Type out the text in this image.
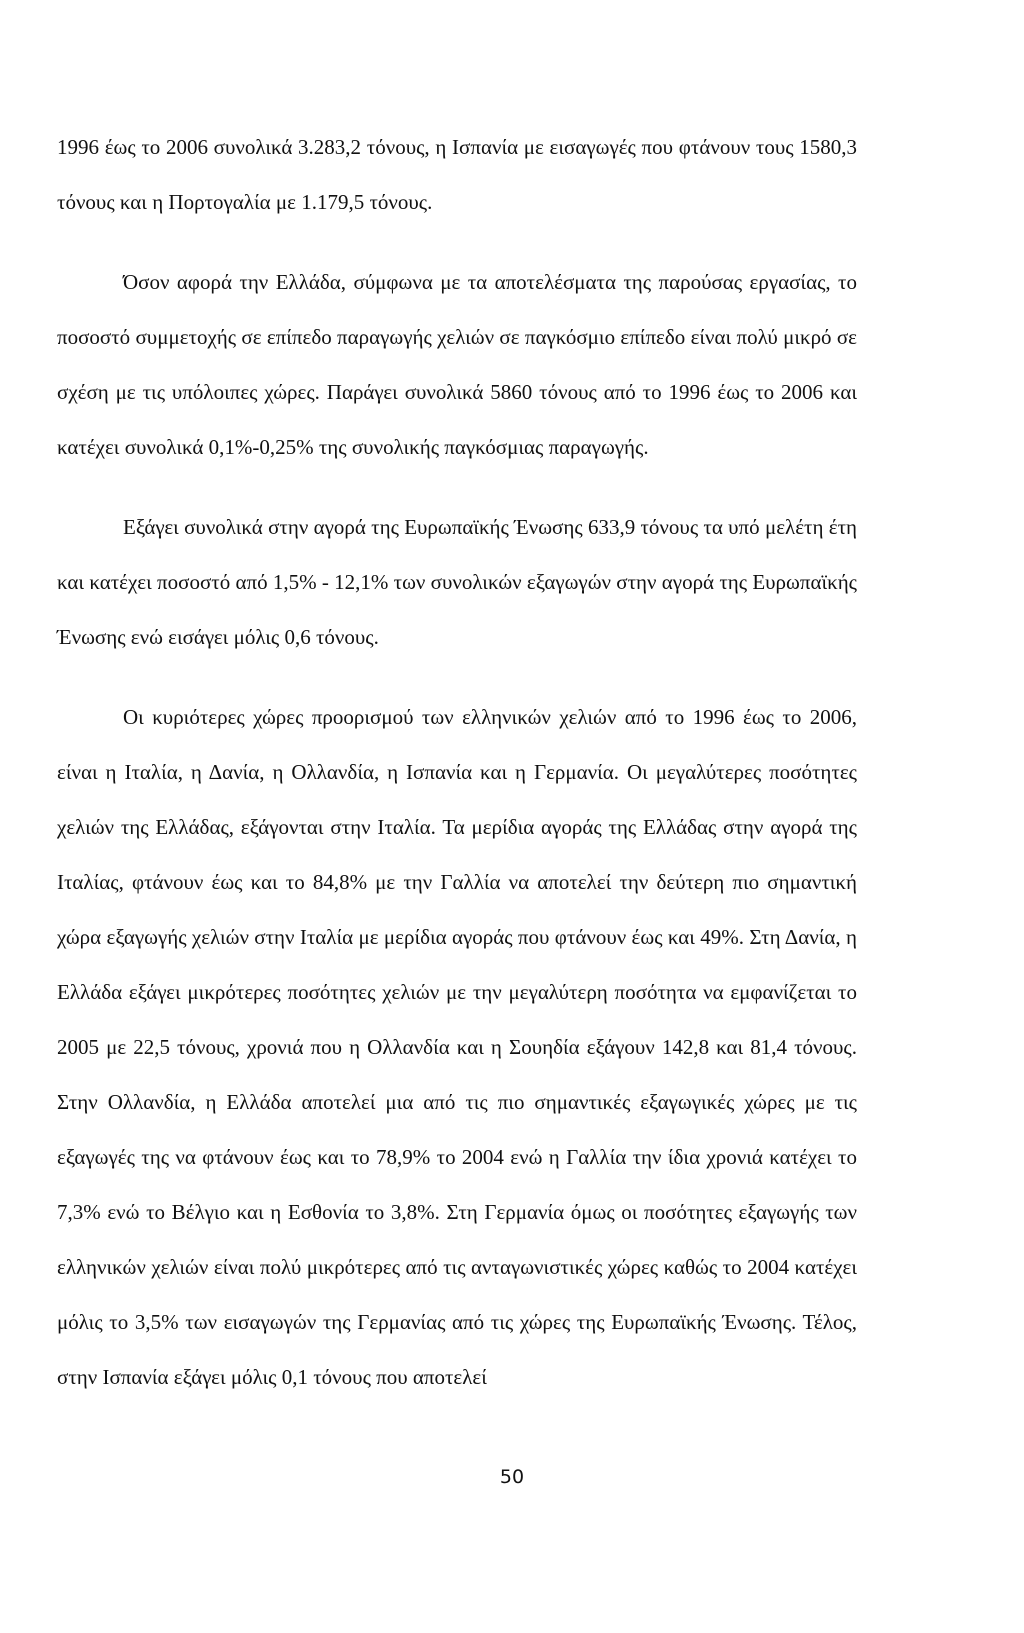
1996 έως το 2006 συνολικά 3.283,2 τόνους, η Ισπανία με εισαγωγές που φτάνουν τους 1580,3 τόνους και η Πορτογαλία με 1.179,5 τόνους.

Όσον αφορά την Ελλάδα, σύμφωνα με τα αποτελέσματα της παρούσας εργασίας, το ποσοστό συμμετοχής σε επίπεδο παραγωγής χελιών σε παγκόσμιο επίπεδο είναι πολύ μικρό σε σχέση με τις υπόλοιπες χώρες. Παράγει συνολικά 5860 τόνους από το 1996 έως το 2006 και κατέχει συνολικά 0,1%-0,25% της συνολικής παγκόσμιας παραγωγής.

Εξάγει συνολικά στην αγορά της Ευρωπαϊκής Ένωσης 633,9 τόνους τα υπό μελέτη έτη και κατέχει ποσοστό από 1,5% - 12,1% των συνολικών εξαγωγών στην αγορά της Ευρωπαϊκής Ένωσης ενώ εισάγει μόλις 0,6 τόνους.

Οι κυριότερες χώρες προορισμού των ελληνικών χελιών από το 1996 έως το 2006, είναι η Ιταλία, η Δανία, η Ολλανδία, η Ισπανία και η Γερμανία. Οι μεγαλύτερες ποσότητες χελιών της Ελλάδας, εξάγονται στην Ιταλία. Τα μερίδια αγοράς της Ελλάδας στην αγορά της Ιταλίας, φτάνουν έως και το 84,8% με την Γαλλία να αποτελεί την δεύτερη πιο σημαντική χώρα εξαγωγής χελιών στην Ιταλία με μερίδια αγοράς που φτάνουν έως και 49%. Στη Δανία, η Ελλάδα εξάγει μικρότερες ποσότητες χελιών με την μεγαλύτερη ποσότητα να εμφανίζεται το 2005 με 22,5 τόνους, χρονιά που η Ολλανδία και η Σουηδία εξάγουν 142,8 και 81,4 τόνους. Στην Ολλανδία, η Ελλάδα αποτελεί μια από τις πιο σημαντικές εξαγωγικές χώρες με τις εξαγωγές της να φτάνουν έως και το 78,9% το 2004 ενώ η Γαλλία την ίδια χρονιά κατέχει το 7,3% ενώ το Βέλγιο και η Εσθονία το 3,8%. Στη Γερμανία όμως οι ποσότητες εξαγωγής των ελληνικών χελιών είναι πολύ μικρότερες από τις ανταγωνιστικές χώρες καθώς το 2004 κατέχει μόλις το 3,5% των εισαγωγών της Γερμανίας από τις χώρες της Ευρωπαϊκής Ένωσης. Τέλος, στην Ισπανία εξάγει μόλις 0,1 τόνους που αποτελεί

50
